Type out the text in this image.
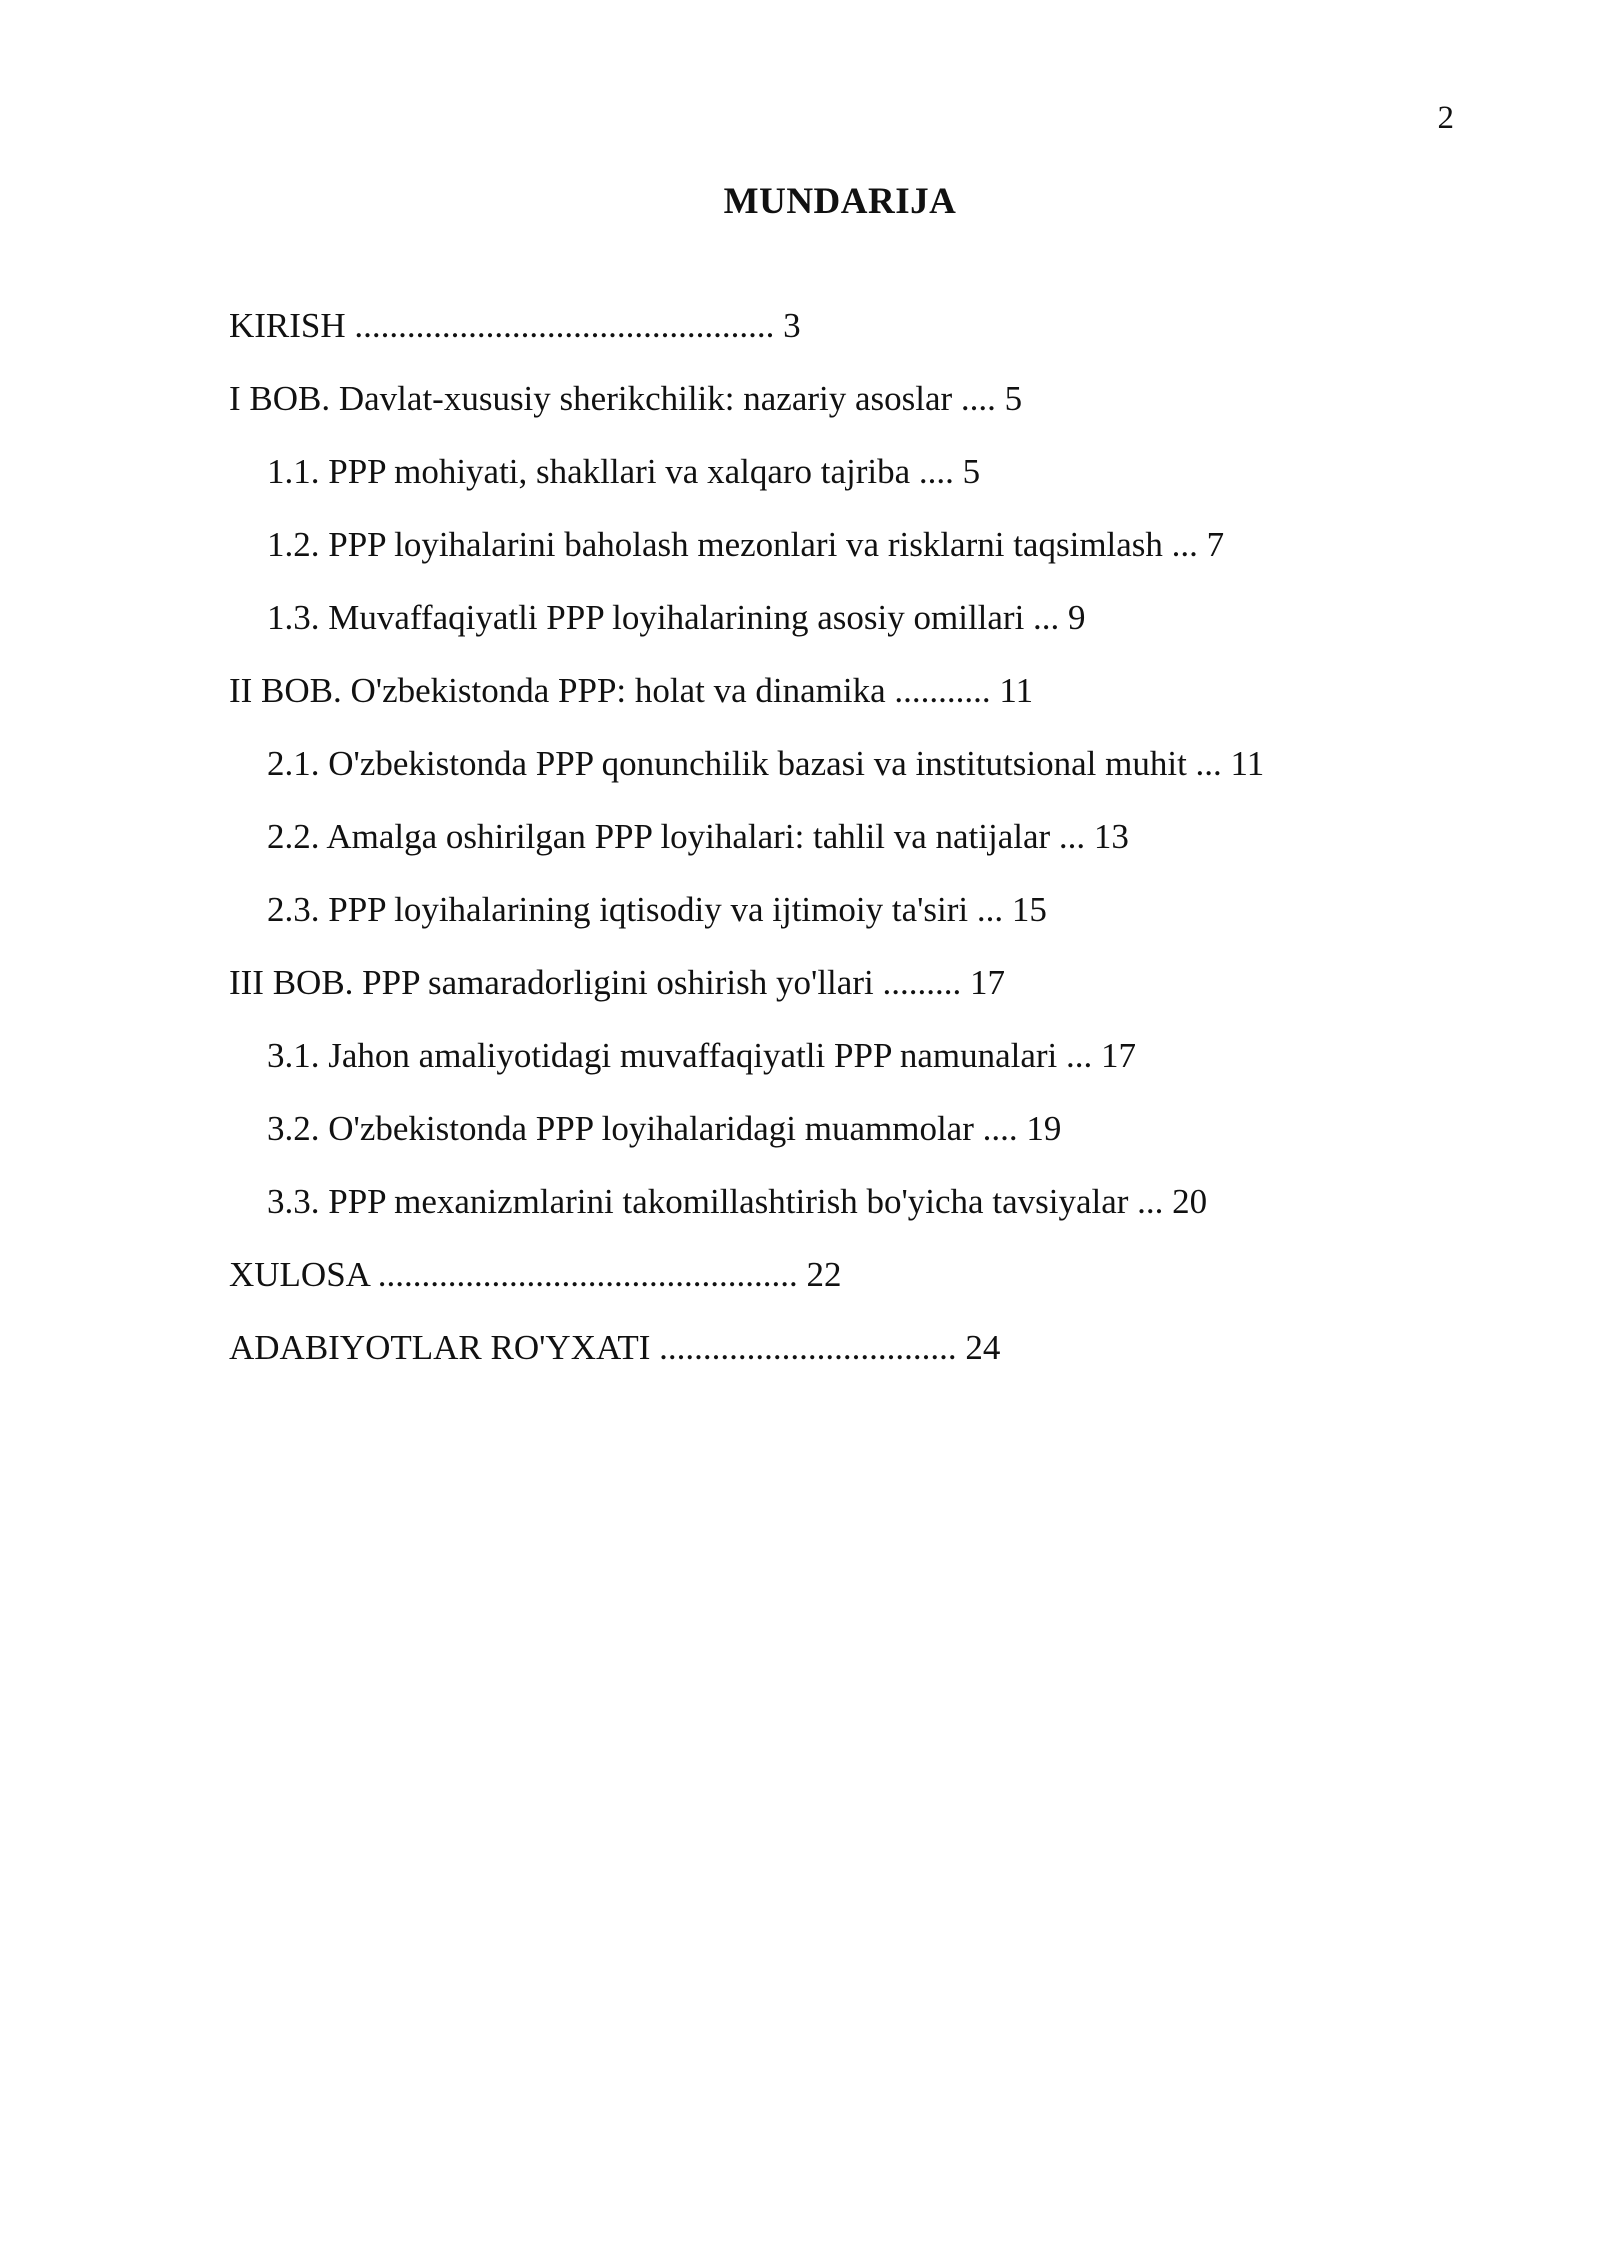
2
MUNDARIJA
KIRISH ................................................ 3
I BOB. Davlat-xususiy sherikchilik: nazariy asoslar .... 5
1.1. PPP mohiyati, shakllari va xalqaro tajriba .... 5
1.2. PPP loyihalarini baholash mezonlari va risklarni taqsimlash ... 7
1.3. Muvaffaqiyatli PPP loyihalarining asosiy omillari ... 9
II BOB. O'zbekistonda PPP: holat va dinamika ........... 11
2.1. O'zbekistonda PPP qonunchilik bazasi va institutsional muhit ... 11
2.2. Amalga oshirilgan PPP loyihalari: tahlil va natijalar ... 13
2.3. PPP loyihalarining iqtisodiy va ijtimoiy ta'siri ... 15
III BOB. PPP samaradorligini oshirish yo'llari ......... 17
3.1. Jahon amaliyotidagi muvaffaqiyatli PPP namunalari ... 17
3.2. O'zbekistonda PPP loyihalaridagi muammolar .... 19
3.3. PPP mexanizmlarini takomillashtirish bo'yicha tavsiyalar ... 20
XULOSA ................................................ 22
ADABIYOTLAR RO'YXATI .................................. 24
